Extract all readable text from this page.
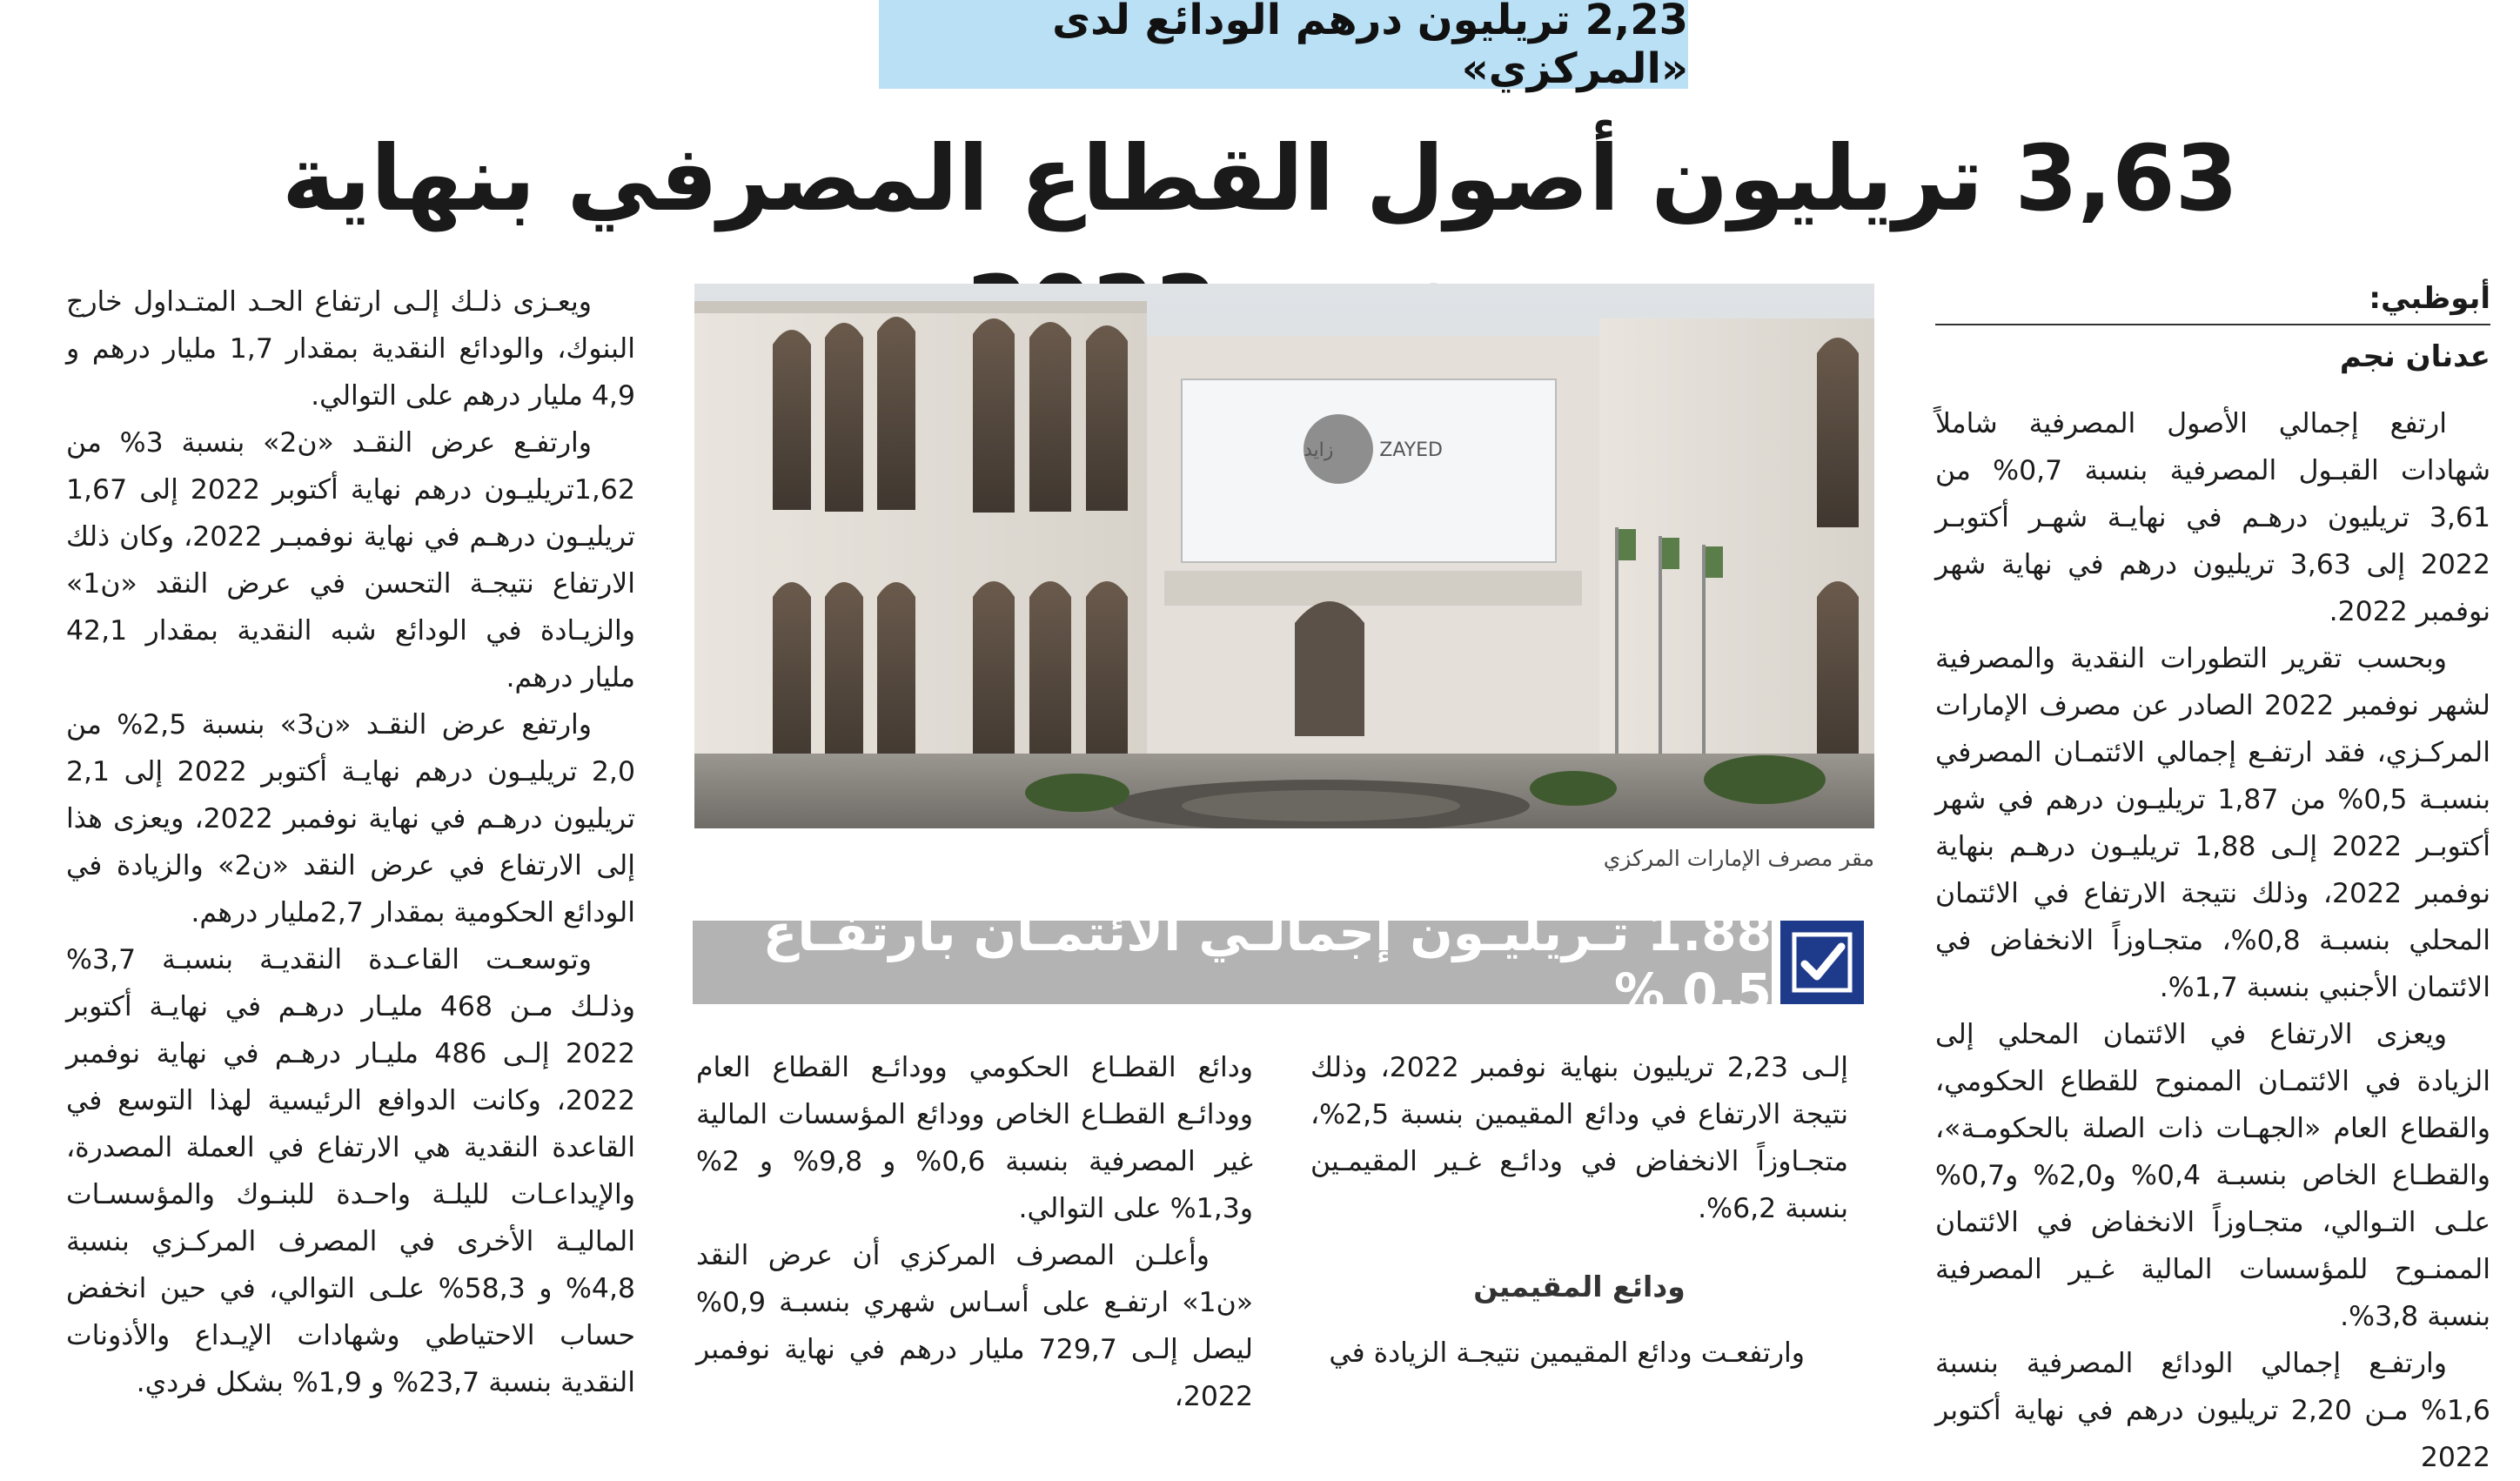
2,23 تريليون درهم الودائع لدى «المركزي»
3,63 تريليون أصول القطاع المصرفي بنهاية
أبوظبي:
عدنان نجم

ارتفع إجمالي الأصول المصرفية شاملاً شهادات القبـول المصرفية بنسبة 0,7% من 3,61 تريليون درهـم في نهايـة شهـر أكتوبـر 2022 إلى 3,63 تريليون درهم في نهاية شهر نوفمبر 2022.

وبحسب تقرير التطورات النقدية والمصرفية لشهر نوفمبر 2022 الصادر عن مصرف الإمارات المركـزي، فقد ارتفـع إجمالي الائتمـان المصرفي بنسبـة 0,5% من 1,87 تريليـون درهم في شهر أكتوبـر 2022 إلـى 1,88 تريليـون درهـم بنهاية نوفمبر 2022، وذلك نتيجة الارتفاع في الائتمان المحلي بنسبـة 0,8%، متجـاوزاً الانخفاض في الائتمان الأجنبي بنسبة 1,7%.

ويعزى الارتفاع في الائتمان المحلي إلى الزيادة في الائتمـان الممنوح للقطاع الحكومي، والقطاع العام «الجهـات ذات الصلة بالحكومـة»، والقطـاع الخاص بنسبـة 0,4% و2,0% و0,7% علـى التـوالي، متجـاوزاً الانخفاض في الائتمان الممنـوح للمؤسسات المالية غـير المصرفية بنسبة 3,8%.

وارتفـع إجمالي الودائع المصرفية بنسبة 1,6% مـن 2,20 تريليون درهم في نهاية أكتوبر 2022

ZAYED
زايد
مقر مصرف الإمارات المركزي
1.88 تـريليـون إجمالـي الائتمـان بارتفـاع 0.5 %

إلـى 2,23 تريليون بنهاية نوفمبر 2022، وذلك نتيجة الارتفاع في ودائع المقيمين بنسبة 2,5%، متجـاوزاً الانخفاض في ودائـع غـير المقيمـين بنسبة 6,2%.

ودائع المقيمين

وارتفعـت ودائع المقيمين نتيجـة الزيادة في

ودائع القطـاع الحكومي وودائـع القطاع العام وودائـع القطـاع الخاص وودائع المؤسسات المالية غير المصرفية بنسبة 0,6% و 9,8% و 2% و1,3% على التوالي.

وأعلـن المصرف المركزي أن عرض النقد «ن1» ارتفـع على أسـاس شهري بنسبـة 0,9% ليصل إلـى 729,7 مليار درهم في نهاية نوفمبر 2022،

ويعـزى ذلـك إلـى ارتفاع الحـد المتـداول خارج البنوك، والودائع النقدية بمقدار 1,7 مليار درهم و 4,9 مليار درهم على التوالي.

وارتفـع عرض النقـد «ن2» بنسبة 3% من 1,62تريليـون درهم نهاية أكتوبر 2022 إلى 1,67 تريليـون درهـم في نهاية نوفمبـر 2022، وكان ذلك الارتفاع نتيجـة التحسن في عرض النقد «ن1» والزيـادة في الودائع شبه النقدية بمقدار 42,1 مليار درهم.

وارتفع عرض النقـد «ن3» بنسبة 2,5% من 2,0 تريليـون درهم نهايـة أكتوبر 2022 إلى 2,1 تريليون درهـم في نهاية نوفمبر 2022، ويعزى هذا إلى الارتفاع في عرض النقد «ن2» والزيادة في الودائع الحكومية بمقدار 2,7مليار درهم.

وتوسعـت القاعـدة النقديـة بنسبـة 3,7% وذلـك مـن 468 مليـار درهـم في نهايـة أكتوبر 2022 إلـى 486 مليـار درهـم في نهاية نوفمبر 2022، وكانت الدوافع الرئيسية لهذا التوسع في القاعدة النقدية هي الارتفاع في العملة المصدرة، والإيداعـات لليلـة واحـدة للبنـوك والمؤسسـات الماليـة الأخرى في المصرف المركـزي بنسبة 4,8% و 58,3% علـى التوالي، في حين انخفض حساب الاحتياطي وشهادات الإيـداع والأذونات النقدية بنسبة 23,7% و 1,9% بشكل فردي.
